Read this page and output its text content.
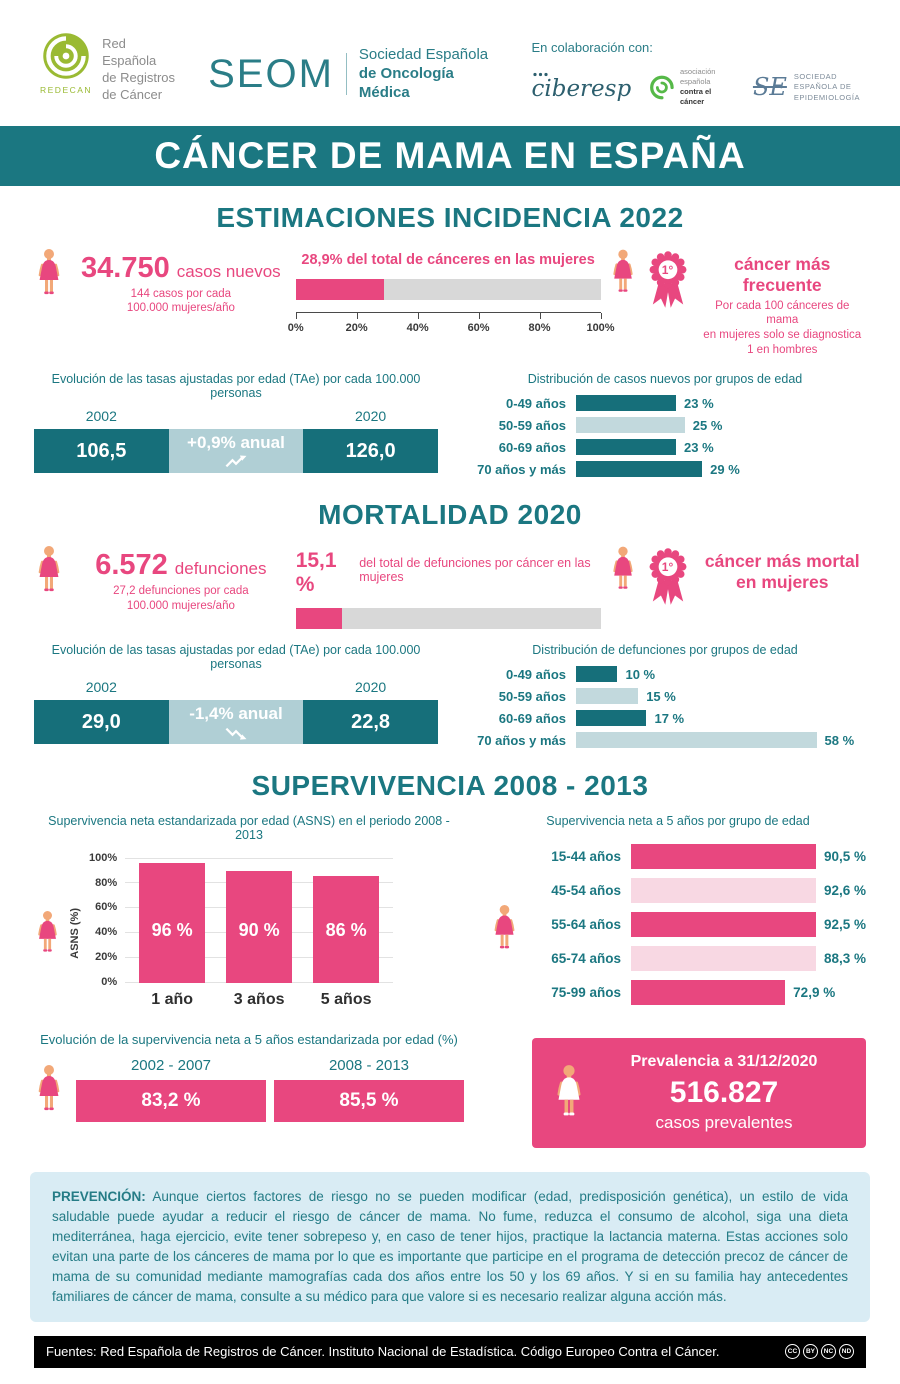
REDECAN
Red Española
de Registros
de Cáncer	SEOM Sociedad Española
de Oncología Médica
En colaboración con:
ciberesp
asociación
española
contra el cáncer
SE SOCIEDAD
ESPAÑOLA DE
EPIDEMIOLOGÍA
CÁNCER DE MAMA EN ESPAÑA
ESTIMACIONES INCIDENCIA 2022
34.750 casos nuevos
144 casos por cada
100.000 mujeres/año
28,9% del total de cánceres en las mujeres
0%	20%	40%	60%	80%	100%
1°	cáncer más frecuente
Por cada 100 cánceres de mama
en mujeres solo se diagnostica
1 en hombres
Evolución de las tasas ajustadas por edad (TAe) por cada 100.000 personas
2002	2020
106,5	+0,9% anual	126,0
Distribución de casos nuevos por grupos de edad
0-49 años	23 %
50-59 años	25 %
60-69 años	23 %
70 años y más	29 %
MORTALIDAD 2020
6.572 defunciones
27,2 defunciones por cada
100.000 mujeres/año
15,1 %
del total de defunciones por cáncer en las mujeres
1°	cáncer más mortal
en mujeres
Evolución de las tasas ajustadas por edad (TAe) por cada 100.000 personas
2002	2020
29,0	-1,4% anual	22,8
Distribución de defunciones por grupos de edad
0-49 años	10 %
50-59 años	15 %
60-69 años	17 %
70 años y más	58 %
SUPERVIVENCIA 2008 - 2013
Supervivencia neta estandarizada por edad (ASNS) en el periodo 2008 - 2013
ASNS (%)
100%
80%
60%
40%
20%
0%
96 %	90 %	86 %
1 año	3 años	5 años
Supervivencia neta a 5 años por grupo de edad
15-44 años	90,5 %
45-54 años	92,6 %
55-64 años	92,5 %
65-74 años	88,3 %
75-99 años	72,9 %
Evolución de la supervivencia neta a 5 años estandarizada por edad (%)
2002 - 2007
83,2 %
2008 - 2013
85,5 %
Prevalencia a 31/12/2020
516.827
casos prevalentes
PREVENCIÓN: Aunque ciertos factores de riesgo no se pueden modificar (edad, predisposición genética), un estilo de vida saludable puede ayudar a reducir el riesgo de cáncer de mama. No fume, reduzca el consumo de alcohol, siga una dieta mediterránea, haga ejercicio, evite tener sobrepeso y, en caso de tener hijos, practique la lactancia materna. Estas acciones solo evitan una parte de los cánceres de mama por lo que es importante que participe en el programa de detección precoz de cáncer de mama de su comunidad mediante mamografías cada dos años entre los 50 y los 69 años. Y si en su familia hay antecedentes familiares de cáncer de mama, consulte a su médico para que valore si es necesario realizar alguna acción más.
Fuentes: Red Española de Registros de Cáncer. Instituto Nacional de Estadística. Código Europeo Contra el Cáncer.	CC	BY	NC	ND
